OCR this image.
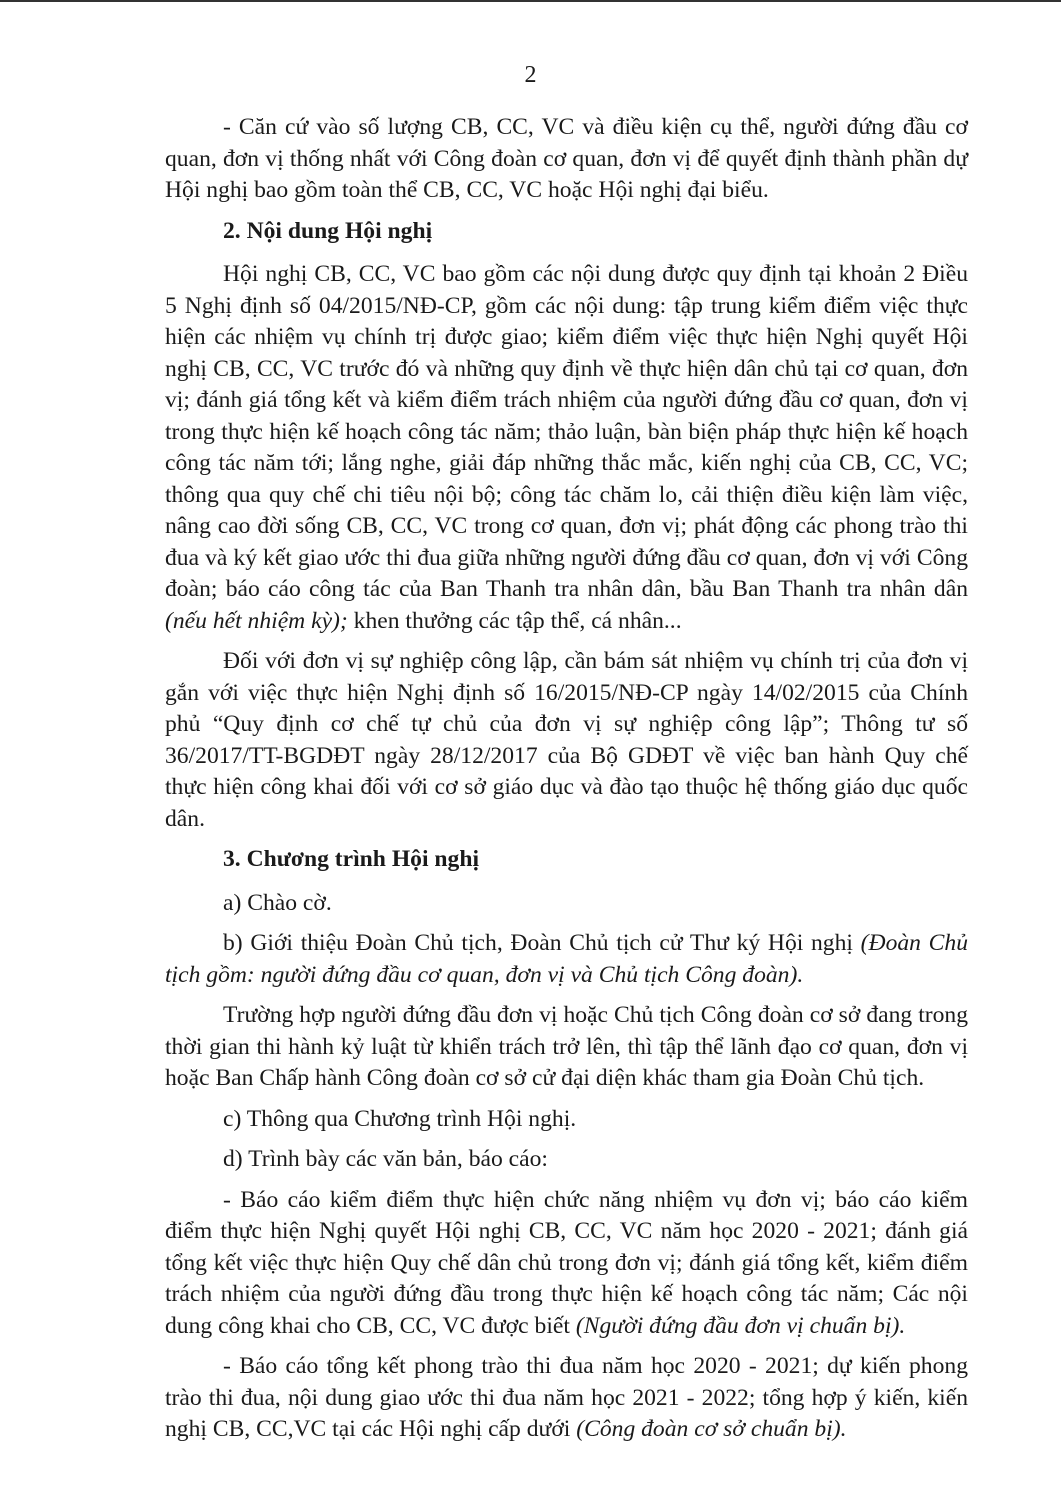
2

- Căn cứ vào số lượng CB, CC, VC và điều kiện cụ thể, người đứng đầu cơ quan, đơn vị thống nhất với Công đoàn cơ quan, đơn vị để quyết định thành phần dự Hội nghị bao gồm toàn thể CB, CC, VC hoặc Hội nghị đại biểu.

2. Nội dung Hội nghị

Hội nghị CB, CC, VC bao gồm các nội dung được quy định tại khoản 2 Điều 5 Nghị định số 04/2015/NĐ-CP, gồm các nội dung: tập trung kiểm điểm việc thực hiện các nhiệm vụ chính trị được giao; kiểm điểm việc thực hiện Nghị quyết Hội nghị CB, CC, VC trước đó và những quy định về thực hiện dân chủ tại cơ quan, đơn vị; đánh giá tổng kết và kiểm điểm trách nhiệm của người đứng đầu cơ quan, đơn vị trong thực hiện kế hoạch công tác năm; thảo luận, bàn biện pháp thực hiện kế hoạch công tác năm tới; lắng nghe, giải đáp những thắc mắc, kiến nghị của CB, CC, VC; thông qua quy chế chi tiêu nội bộ; công tác chăm lo, cải thiện điều kiện làm việc, nâng cao đời sống CB, CC, VC trong cơ quan, đơn vị; phát động các phong trào thi đua và ký kết giao ước thi đua giữa những người đứng đầu cơ quan, đơn vị với Công đoàn; báo cáo công tác của Ban Thanh tra nhân dân, bầu Ban Thanh tra nhân dân (nếu hết nhiệm kỳ); khen thưởng các tập thể, cá nhân...

Đối với đơn vị sự nghiệp công lập, cần bám sát nhiệm vụ chính trị của đơn vị gắn với việc thực hiện Nghị định số 16/2015/NĐ-CP ngày 14/02/2015 của Chính phủ “Quy định cơ chế tự chủ của đơn vị sự nghiệp công lập”; Thông tư số 36/2017/TT-BGDĐT ngày 28/12/2017 của Bộ GDĐT về việc ban hành Quy chế thực hiện công khai đối với cơ sở giáo dục và đào tạo thuộc hệ thống giáo dục quốc dân.

3. Chương trình Hội nghị

a) Chào cờ.

b) Giới thiệu Đoàn Chủ tịch, Đoàn Chủ tịch cử Thư ký Hội nghị (Đoàn Chủ tịch gồm: người đứng đầu cơ quan, đơn vị và Chủ tịch Công đoàn).

Trường hợp người đứng đầu đơn vị hoặc Chủ tịch Công đoàn cơ sở đang trong thời gian thi hành kỷ luật từ khiển trách trở lên, thì tập thể lãnh đạo cơ quan, đơn vị hoặc Ban Chấp hành Công đoàn cơ sở cử đại diện khác tham gia Đoàn Chủ tịch.

c) Thông qua Chương trình Hội nghị.

d) Trình bày các văn bản, báo cáo:

- Báo cáo kiểm điểm thực hiện chức năng nhiệm vụ đơn vị; báo cáo kiểm điểm thực hiện Nghị quyết Hội nghị CB, CC, VC năm học 2020 - 2021; đánh giá tổng kết việc thực hiện Quy chế dân chủ trong đơn vị; đánh giá tổng kết, kiểm điểm trách nhiệm của người đứng đầu trong thực hiện kế hoạch công tác năm; Các nội dung công khai cho CB, CC, VC được biết (Người đứng đầu đơn vị chuẩn bị).

- Báo cáo tổng kết phong trào thi đua năm học 2020 - 2021; dự kiến phong trào thi đua, nội dung giao ước thi đua năm học 2021 - 2022; tổng hợp ý kiến, kiến nghị CB, CC,VC tại các Hội nghị cấp dưới (Công đoàn cơ sở chuẩn bị).
